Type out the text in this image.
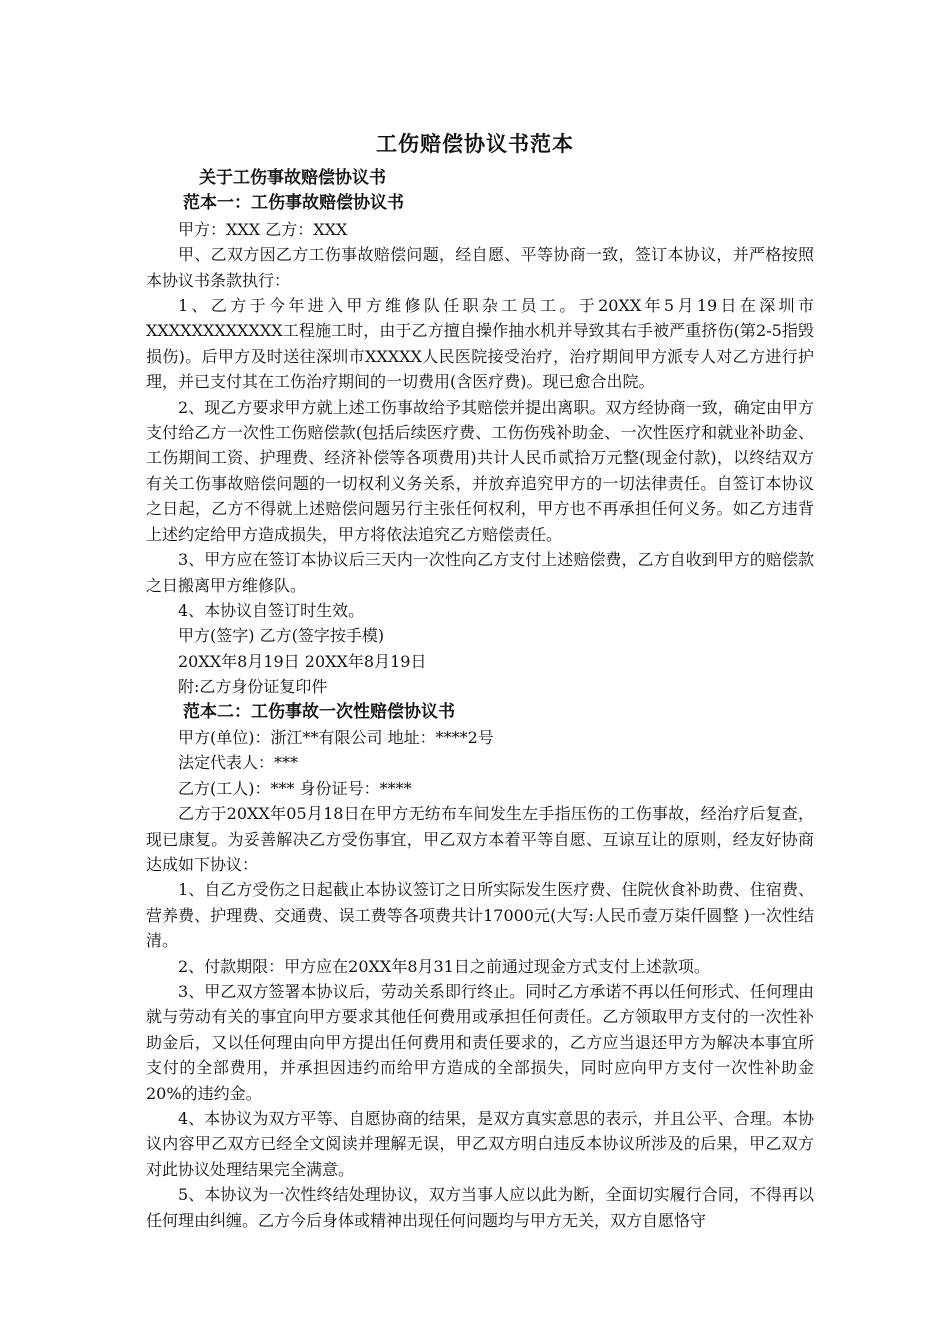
工伤赔偿协议书范本

关于工伤事故赔偿协议书

范本一：工伤事故赔偿协议书

甲方：XXX 乙方：XXX

甲、乙双方因乙方工伤事故赔偿问题，经自愿、平等协商一致，签订本协议，并严格按照本协议书条款执行：

1、乙方于今年进入甲方维修队任职杂工员工。于20XX年5月19日在深圳市XXXXXXXXXXXX工程施工时，由于乙方擅自操作抽水机并导致其右手被严重挤伤(第2-5指毁损伤)。后甲方及时送往深圳市XXXXX人民医院接受治疗，治疗期间甲方派专人对乙方进行护理，并已支付其在工伤治疗期间的一切费用(含医疗费)。现已愈合出院。

2、现乙方要求甲方就上述工伤事故给予其赔偿并提出离职。双方经协商一致，确定由甲方支付给乙方一次性工伤赔偿款(包括后续医疗费、工伤伤残补助金、一次性医疗和就业补助金、工伤期间工资、护理费、经济补偿等各项费用)共计人民币贰拾万元整(现金付款)，以终结双方有关工伤事故赔偿问题的一切权利义务关系，并放弃追究甲方的一切法律责任。自签订本协议之日起，乙方不得就上述赔偿问题另行主张任何权利，甲方也不再承担任何义务。如乙方违背上述约定给甲方造成损失，甲方将依法追究乙方赔偿责任。

3、甲方应在签订本协议后三天内一次性向乙方支付上述赔偿费，乙方自收到甲方的赔偿款之日搬离甲方维修队。

4、本协议自签订时生效。

甲方(签字) 乙方(签字按手模)

20XX年8月19日 20XX年8月19日

附:乙方身份证复印件

范本二：工伤事故一次性赔偿协议书

甲方(单位)：浙江**有限公司 地址：****2号

法定代表人：***

乙方(工人)：*** 身份证号：****

乙方于20XX年05月18日在甲方无纺布车间发生左手指压伤的工伤事故，经治疗后复查，现已康复。为妥善解决乙方受伤事宜，甲乙双方本着平等自愿、互谅互让的原则，经友好协商达成如下协议：

1、自乙方受伤之日起截止本协议签订之日所实际发生医疗费、住院伙食补助费、住宿费、营养费、护理费、交通费、误工费等各项费共计17000元(大写:人民币壹万柒仟圆整 )一次性结清。

2、付款期限：甲方应在20XX年8月31日之前通过现金方式支付上述款项。

3、甲乙双方签署本协议后，劳动关系即行终止。同时乙方承诺不再以任何形式、任何理由就与劳动有关的事宜向甲方要求其他任何费用或承担任何责任。乙方领取甲方支付的一次性补助金后，又以任何理由向甲方提出任何费用和责任要求的，乙方应当退还甲方为解决本事宜所支付的全部费用，并承担因违约而给甲方造成的全部损失，同时应向甲方支付一次性补助金20%的违约金。

4、本协议为双方平等、自愿协商的结果，是双方真实意思的表示，并且公平、合理。本协议内容甲乙双方已经全文阅读并理解无误，甲乙双方明白违反本协议所涉及的后果，甲乙双方对此协议处理结果完全满意。

5、本协议为一次性终结处理协议，双方当事人应以此为断，全面切实履行合同，不得再以任何理由纠缠。乙方今后身体或精神出现任何问题均与甲方无关，双方自愿恪守
